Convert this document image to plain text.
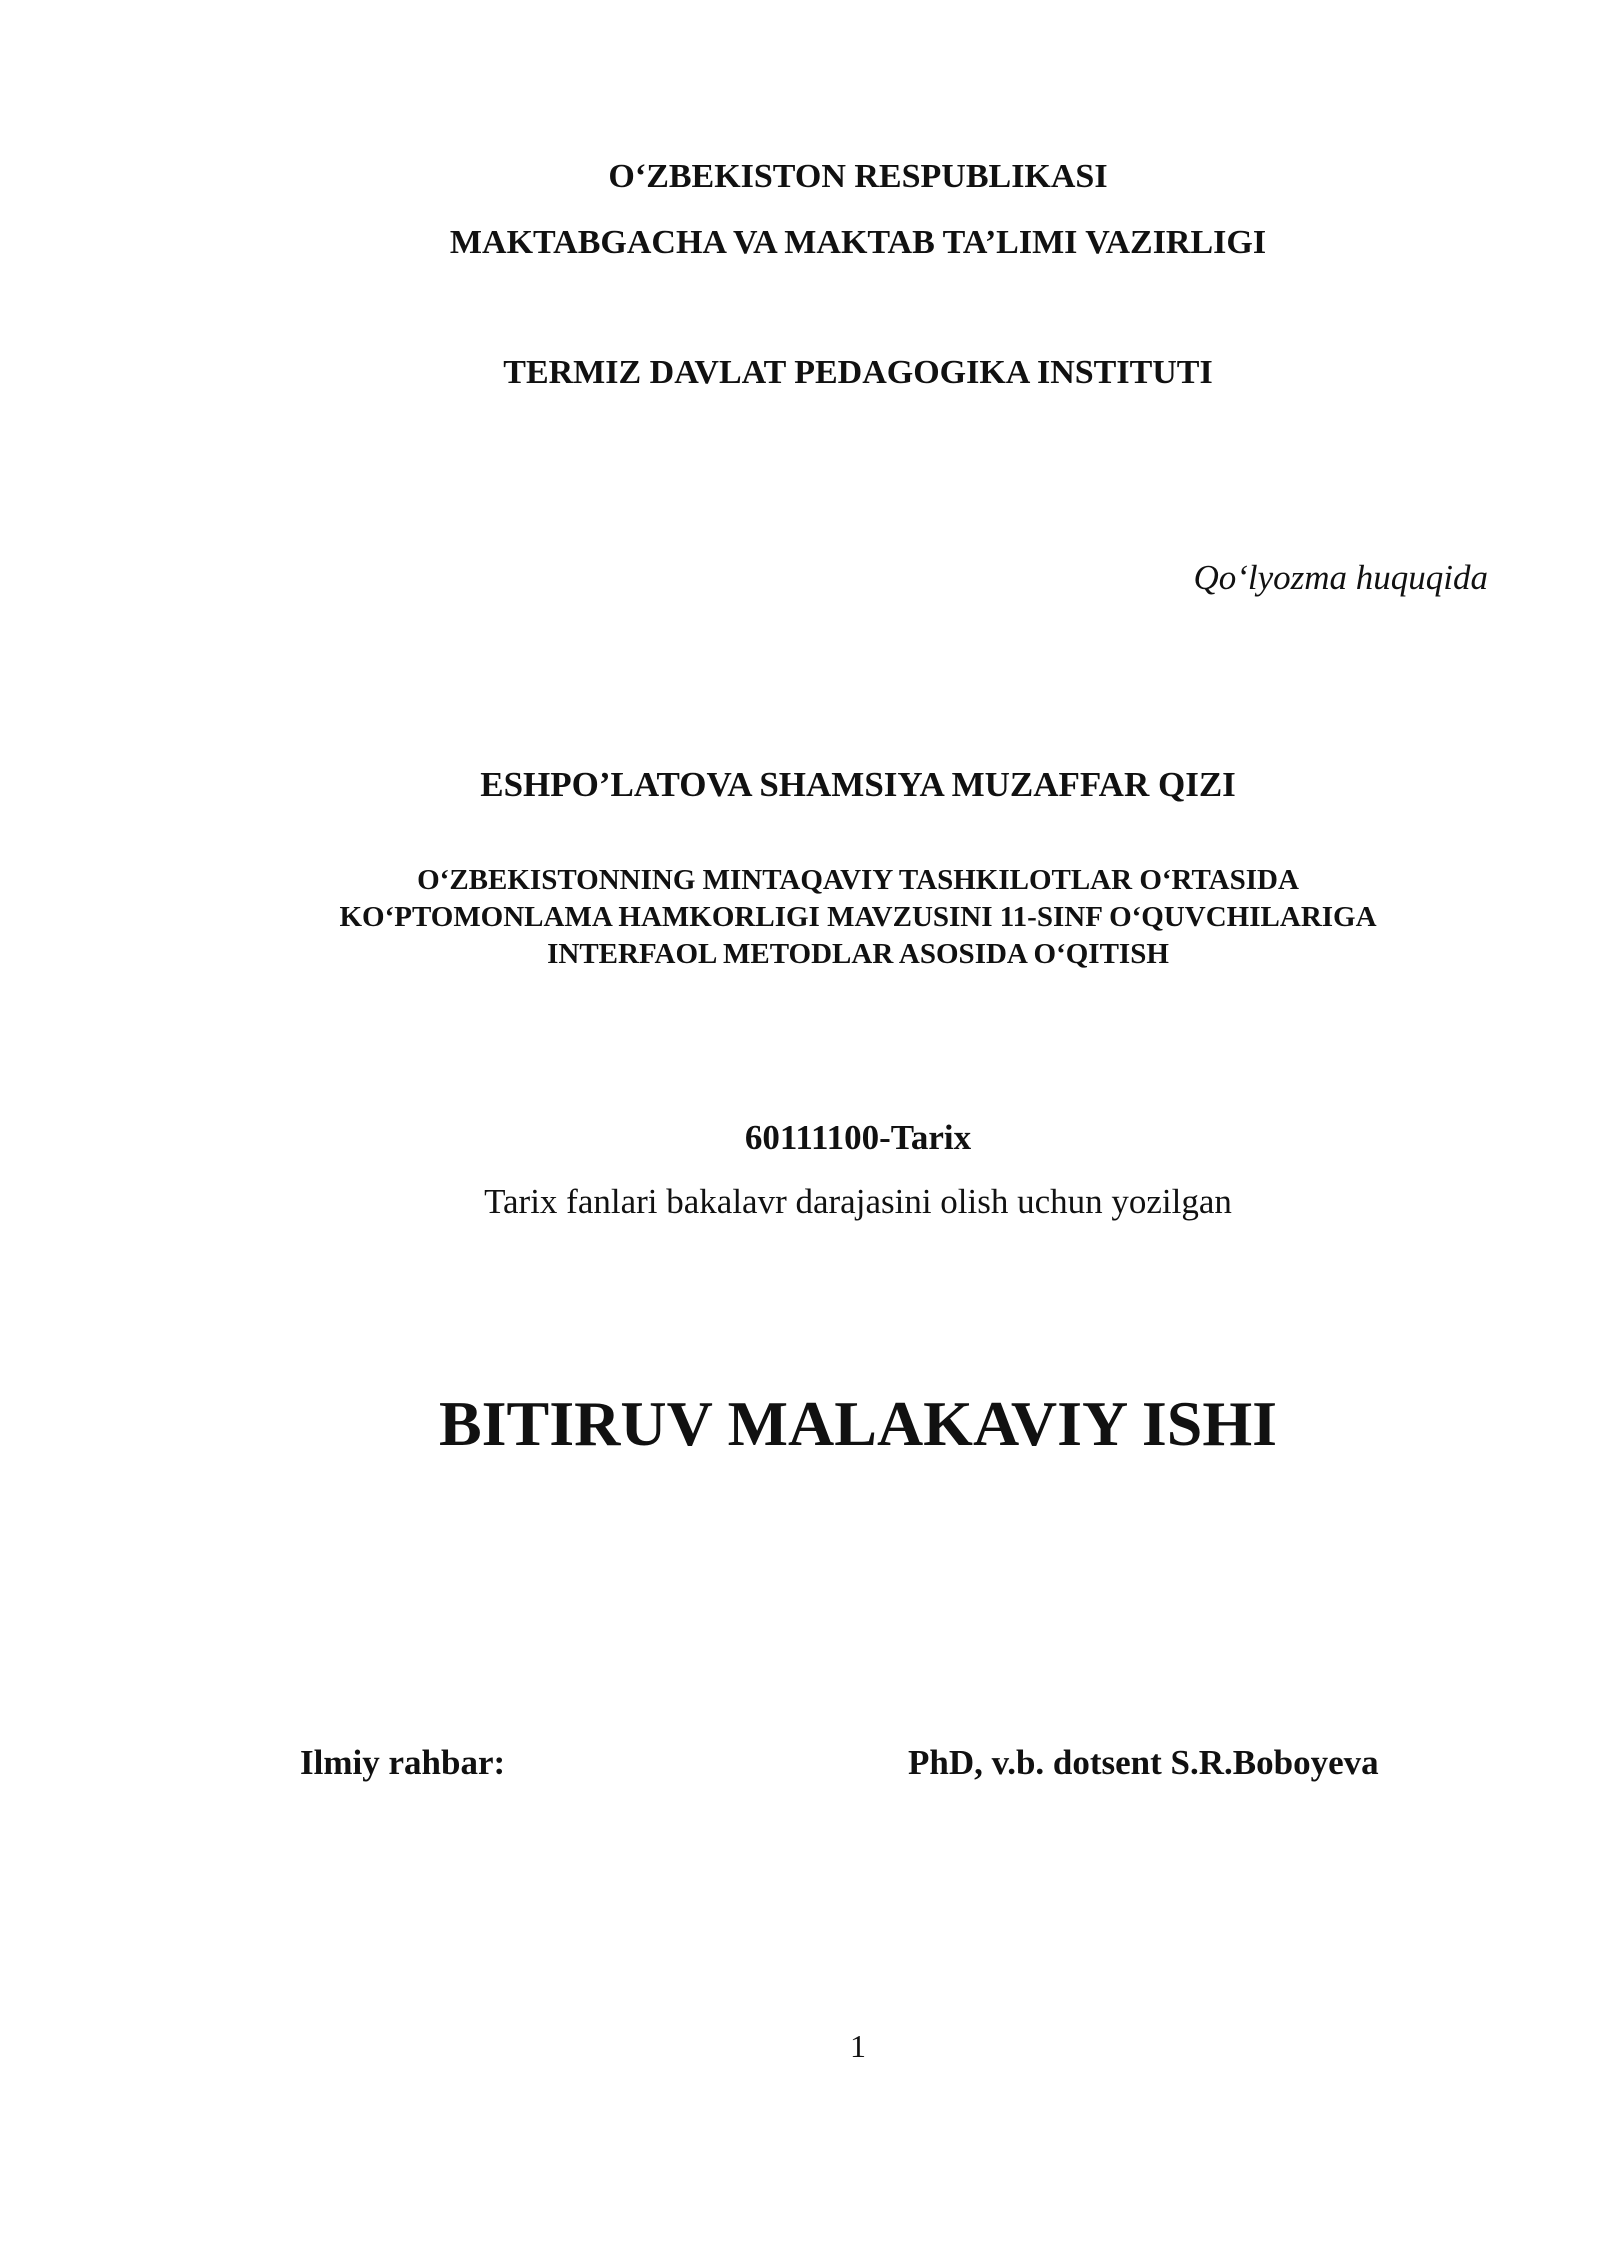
O‘ZBEKISTON RESPUBLIKASI
MAKTABGACHA VA MAKTAB TA’LIMI VAZIRLIGI
TERMIZ DAVLAT PEDAGOGIKA INSTITUTI
Qo‘lyozma huquqida
ESHPO’LATOVA SHAMSIYA MUZAFFAR QIZI
O‘ZBEKISTONNING MINTAQAVIY TASHKILOTLAR O‘RTASIDA
KO‘PTOMONLAMA HAMKORLIGI MAVZUSINI 11-SINF O‘QUVCHILARIGA
INTERFAOL METODLAR ASOSIDA O‘QITISH
60111100-Tarix
Tarix fanlari bakalavr darajasini olish uchun yozilgan
BITIRUV MALAKAVIY ISHI
Ilmiy rahbar:	PhD, v.b. dotsent S.R.Boboyeva
1
